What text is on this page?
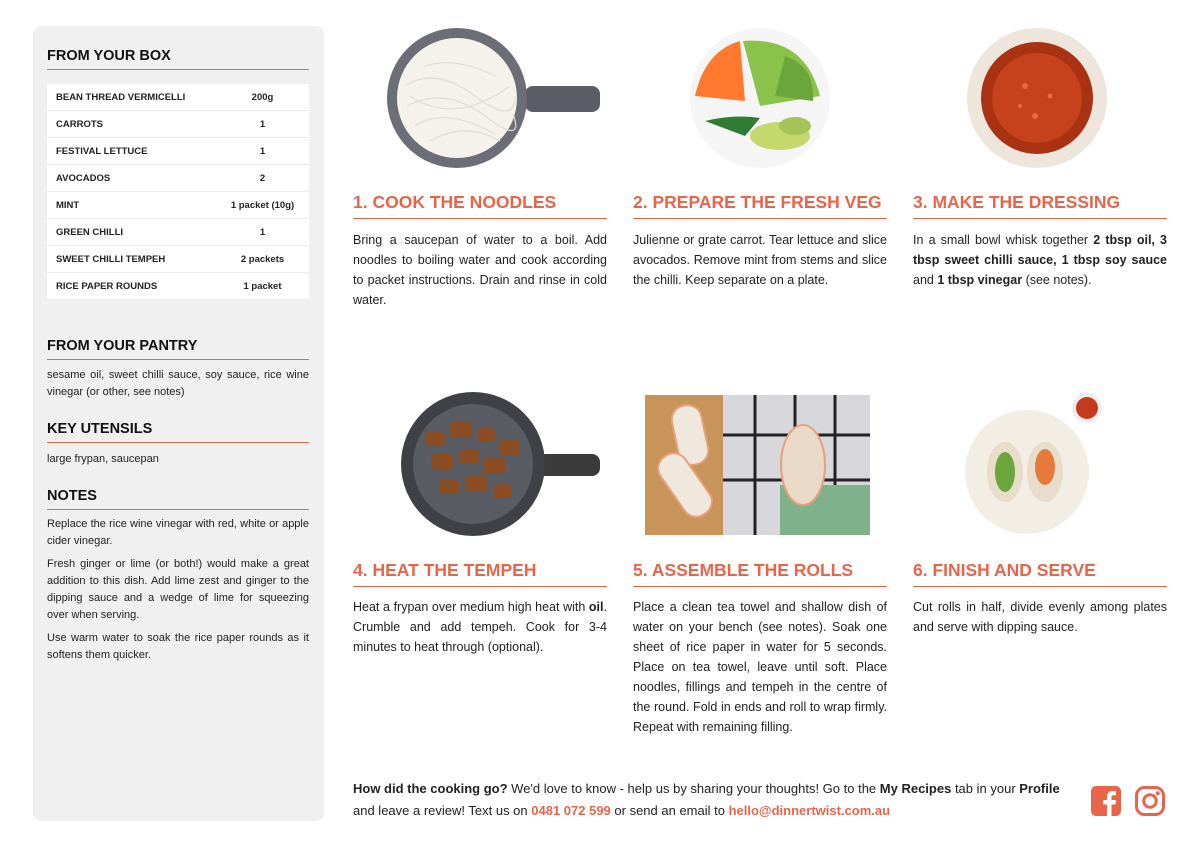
FROM YOUR BOX
BEAN THREAD VERMICELLI	200g
CARROTS	1
FESTIVAL LETTUCE	1
AVOCADOS	2
MINT	1 packet (10g)
GREEN CHILLI	1
SWEET CHILLI TEMPEH	2 packets
RICE PAPER ROUNDS	1 packet
FROM YOUR PANTRY

sesame oil, sweet chilli sauce, soy sauce, rice wine vinegar (or other, see notes)

KEY UTENSILS

large frypan, saucepan

NOTES

Replace the rice wine vinegar with red, white or apple cider vinegar.

Fresh ginger or lime (or both!) would make a great addition to this dish. Add lime zest and ginger to the dipping sauce and a wedge of lime for squeezing over when serving.

Use warm water to soak the rice paper rounds as it softens them quicker.

1. COOK THE NOODLES

Bring a saucepan of water to a boil. Add noodles to boiling water and cook according to packet instructions. Drain and rinse in cold water.

2. PREPARE THE FRESH VEG

Julienne or grate carrot. Tear lettuce and slice avocados. Remove mint from stems and slice the chilli. Keep separate on a plate.

3. MAKE THE DRESSING

In a small bowl whisk together 2 tbsp oil, 3 tbsp sweet chilli sauce, 1 tbsp soy sauce and 1 tbsp vinegar (see notes).

4. HEAT THE TEMPEH

Heat a frypan over medium high heat with oil. Crumble and add tempeh. Cook for 3-4 minutes to heat through (optional).

5. ASSEMBLE THE ROLLS

Place a clean tea towel and shallow dish of water on your bench (see notes). Soak one sheet of rice paper in water for 5 seconds. Place on tea towel, leave until soft. Place noodles, fillings and tempeh in the centre of the round. Fold in ends and roll to wrap firmly. Repeat with remaining filling.

6. FINISH AND SERVE

Cut rolls in half, divide evenly among plates and serve with dipping sauce.

How did the cooking go? We'd love to know - help us by sharing your thoughts! Go to the My Recipes tab in your Profile and leave a review! Text us on 0481 072 599 or send an email to hello@dinnertwist.com.au
